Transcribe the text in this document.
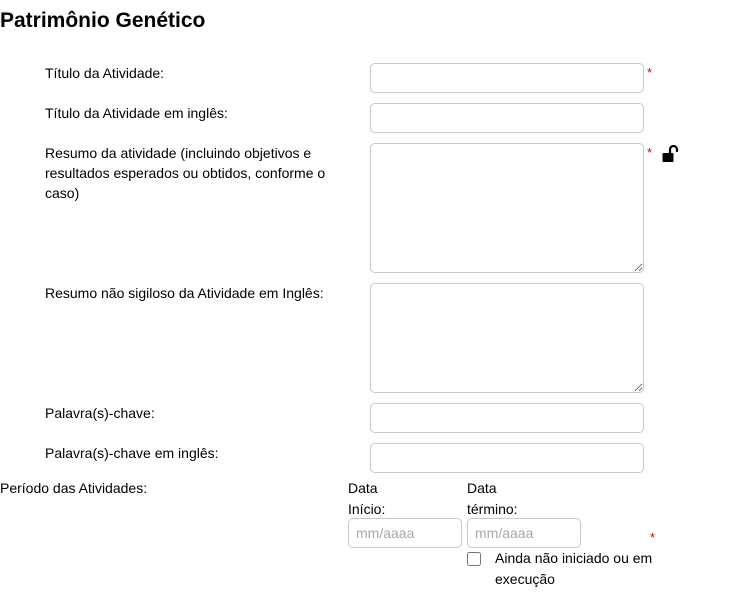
Patrimônio Genético
Título da Atividade:	*
Título da Atividade em inglês:
Resumo da atividade (incluindo objetivos e resultados esperados ou obtidos, conforme o caso)
*
Resumo não sigiloso da Atividade em Inglês:
Palavra(s)-chave:
Palavra(s)-chave em inglês:
Período das Atividades:	Data Início:
mm/aaaa
Data término:
mm/aaaa
*
Ainda não iniciado ou em execução
